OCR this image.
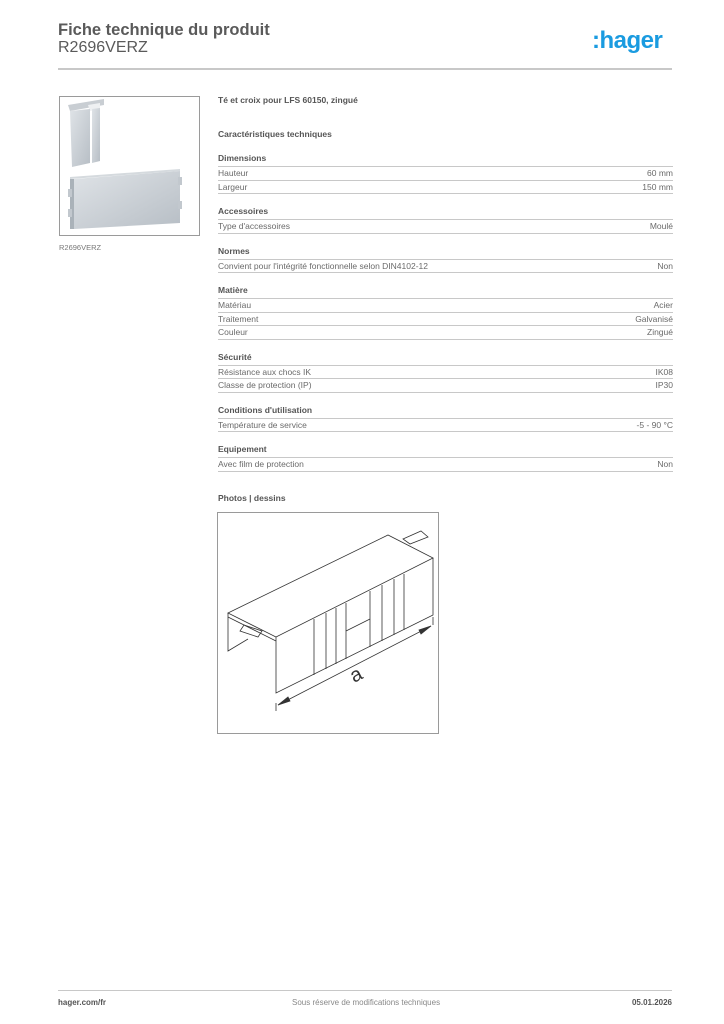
Fiche technique du produit
R2696VERZ	:hager
R2696VERZ
Té et croix pour LFS 60150, zingué
Caractéristiques techniques
Dimensions
Hauteur	60 mm
Largeur	150 mm
Accessoires
Type d'accessoires	Moulé
Normes
Convient pour l'intégrité fonctionnelle selon DIN4102-12	Non
Matière
Matériau	Acier
Traitement	Galvanisé
Couleur	Zingué
Sécurité
Résistance aux chocs IK	IK08
Classe de protection (IP)	IP30
Conditions d'utilisation
Température de service	-5 - 90 °C
Equipement
Avec film de protection	Non
Photos | dessins
a
hager.com/fr	Sous réserve de modifications techniques	05.01.2026
